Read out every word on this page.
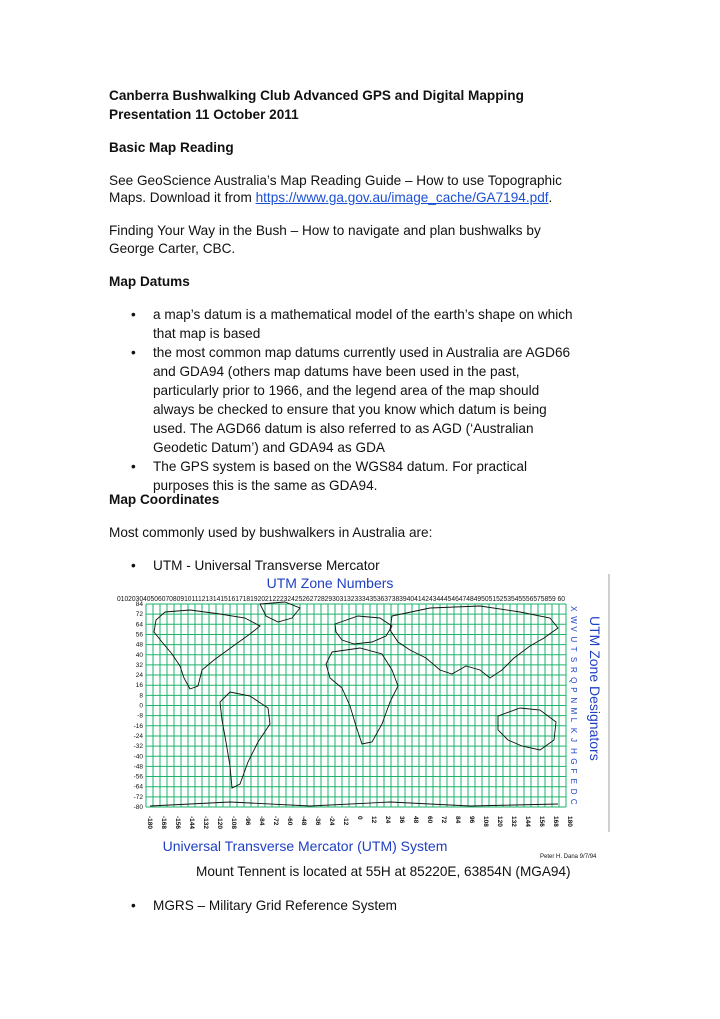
Canberra Bushwalking Club Advanced GPS and Digital Mapping
Presentation 11 October 2011
Basic Map Reading
See GeoScience Australia’s Map Reading Guide – How to use Topographic
Maps. Download it from https://www.ga.gov.au/image_cache/GA7194.pdf.
Finding Your Way in the Bush – How to navigate and plan bushwalks by
George Carter, CBC.
Map Datums
• a map’s datum is a mathematical model of the earth’s shape on which
that map is based
• the most common map datums currently used in Australia are AGD66
and GDA94 (others map datums have been used in the past,
particularly prior to 1966, and the legend area of the map should
always be checked to ensure that you know which datum is being
used. The AGD66 datum is also referred to as AGD (‘Australian
Geodetic Datum’) and GDA94 as GDA
• The GPS system is based on the WGS84 datum. For practical
purposes this is the same as GDA94.
Map Coordinates
Most commonly used by bushwalkers in Australia are:
• UTM - Universal Transverse Mercator
UTM Zone Numbers
0102030405060708091011121314151617181920212223242526272829303132333435363738394041424344454647484950515253545556575859 60
84
72
64
56
48
40
32
24
16
8
0
-8
-16
-24
-32
-40
-48
-56
-64
-72
-80
-180 -168 -156 -144 -132 -120 -108 -96 -84 -72 -60 -48 -36 -24 -12 0 12 24 36 48 60 72 84 96 108 120 132 144 156 168 180
X
W
V
U
T
S
R
Q
P
N
M
L
K
J
H
G
F
E
D
C
UTM Zone Designators
Universal Transverse Mercator (UTM) System
Peter H. Dana 9/7/94
Mount Tennent is located at 55H at 85220E, 63854N (MGA94)
• MGRS – Military Grid Reference System
